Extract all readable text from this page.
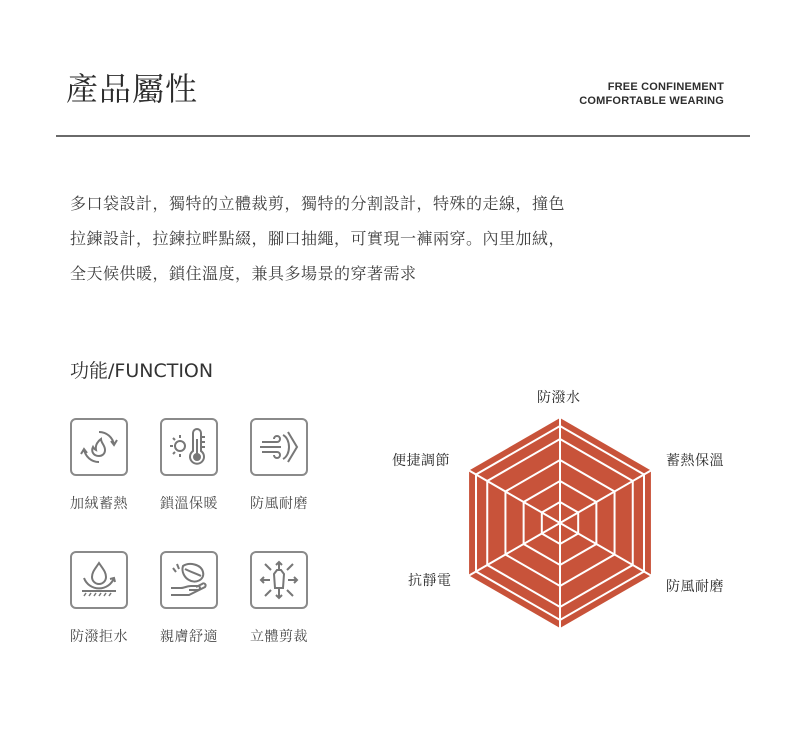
產品屬性	FREE CONFINEMENT
COMFORTABLE WEARING
多口袋設計，獨特的立體裁剪，獨特的分割設計，特殊的走線，撞色
拉鍊設計，拉鍊拉畔點綴，腳口抽繩，可實現一褲兩穿。內里加絨，
全天候供暖，鎖住溫度，兼具多場景的穿著需求
功能/FUNCTION
加絨蓄熱	鎖溫保暖	防風耐磨
防潑拒水	親膚舒適	立體剪裁
防潑水
蓄熱保溫
防風耐磨
抗靜電
便捷調節
